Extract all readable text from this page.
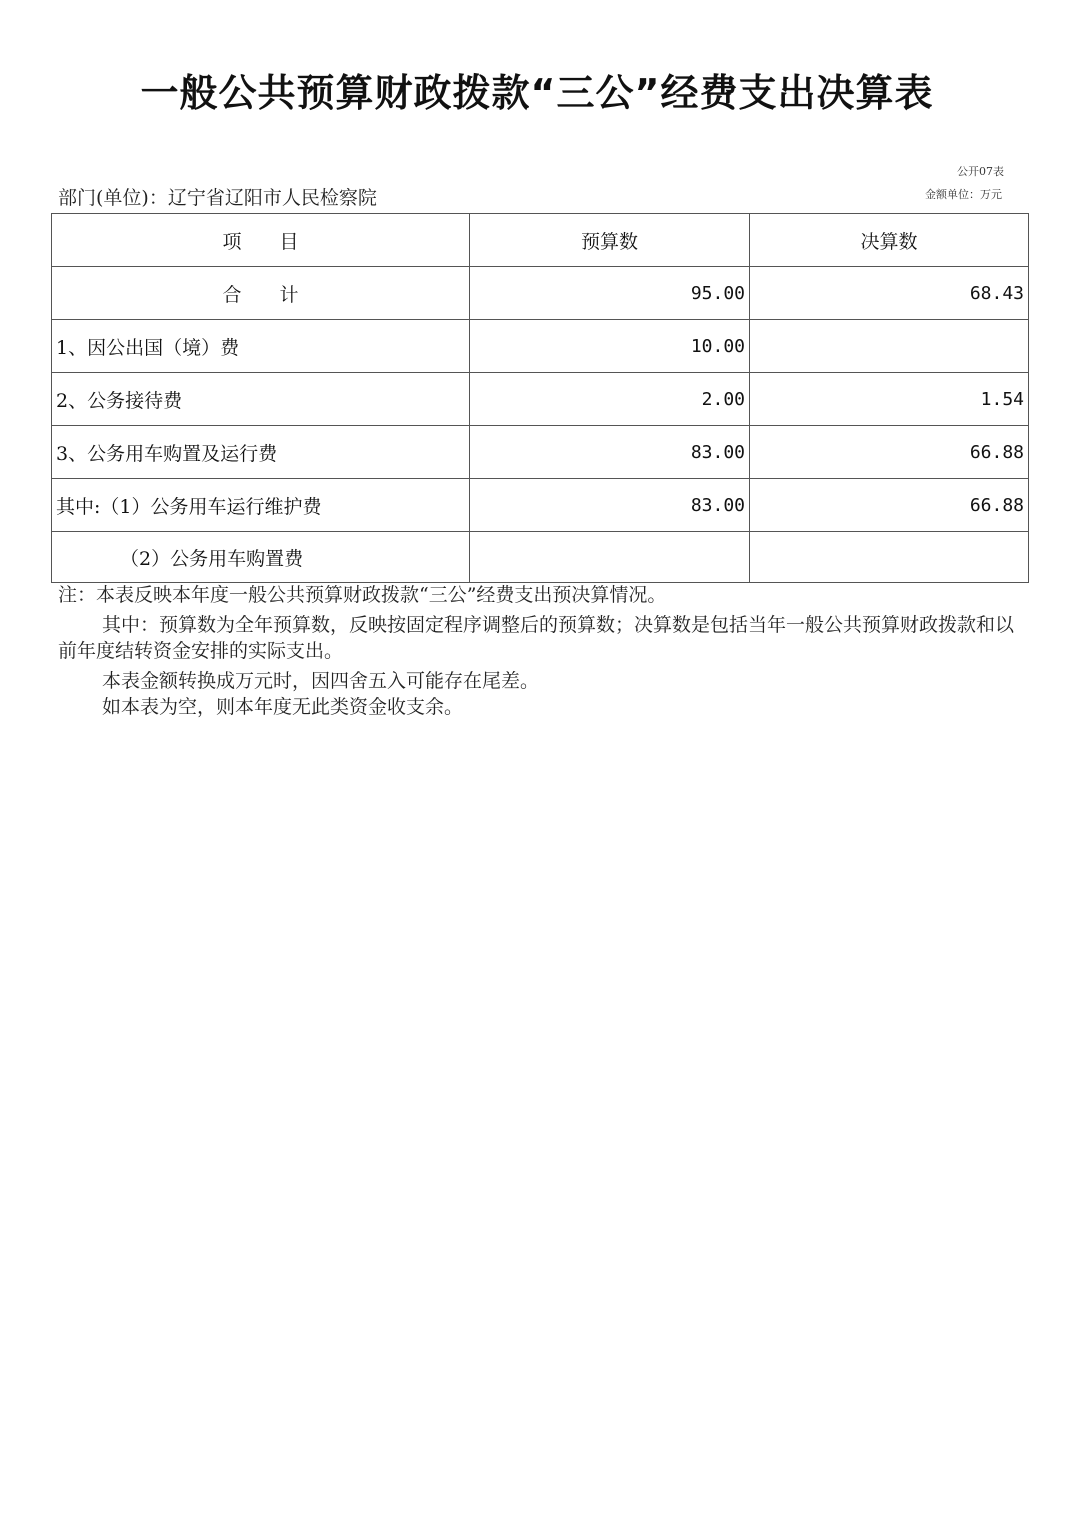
一般公共预算财政拨款“三公”经费支出决算表
公开07表
部门(单位)：辽宁省辽阳市人民检察院	金额单位：万元
项　　目	预算数	决算数
合　　计	95.00	68.43
1、因公出国（境）费	10.00	
2、公务接待费	2.00	1.54
3、公务用车购置及运行费	83.00	66.88
其中:（1）公务用车运行维护费	83.00	66.88
（2）公务用车购置费		

注：本表反映本年度一般公共预算财政拨款“三公”经费支出预决算情况。

其中：预算数为全年预算数，反映按固定程序调整后的预算数；决算数是包括当年一般公共预算财政拨款和以前年度结转资金安排的实际支出。

本表金额转换成万元时，因四舍五入可能存在尾差。

如本表为空，则本年度无此类资金收支余。
